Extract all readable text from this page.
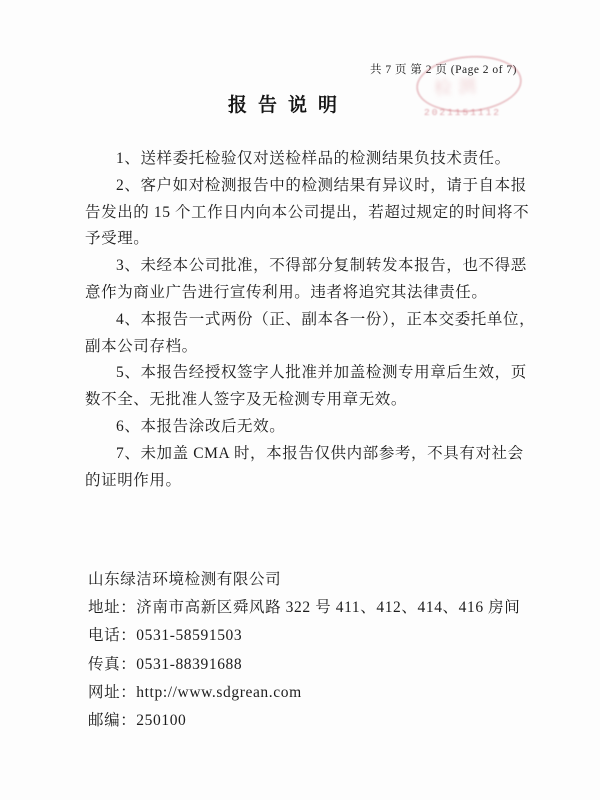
共 7 页 第 2 页 (Page 2 of 7)
检测
2021151112
报告说明
1、送样委托检验仅对送检样品的检测结果负技术责任。
2、客户如对检测报告中的检测结果有异议时，请于自本报
告发出的 15 个工作日内向本公司提出，若超过规定的时间将不
予受理。
3、未经本公司批准，不得部分复制转发本报告，也不得恶
意作为商业广告进行宣传利用。违者将追究其法律责任。
4、本报告一式两份（正、副本各一份），正本交委托单位，
副本公司存档。
5、本报告经授权签字人批准并加盖检测专用章后生效，页
数不全、无批准人签字及无检测专用章无效。
6、本报告涂改后无效。
7、未加盖 CMA 时，本报告仅供内部参考，不具有对社会
的证明作用。
山东绿洁环境检测有限公司
地址：济南市高新区舜风路 322 号 411、412、414、416 房间
电话：0531-58591503
传真：0531-88391688
网址：http://www.sdgrean.com
邮编：250100
